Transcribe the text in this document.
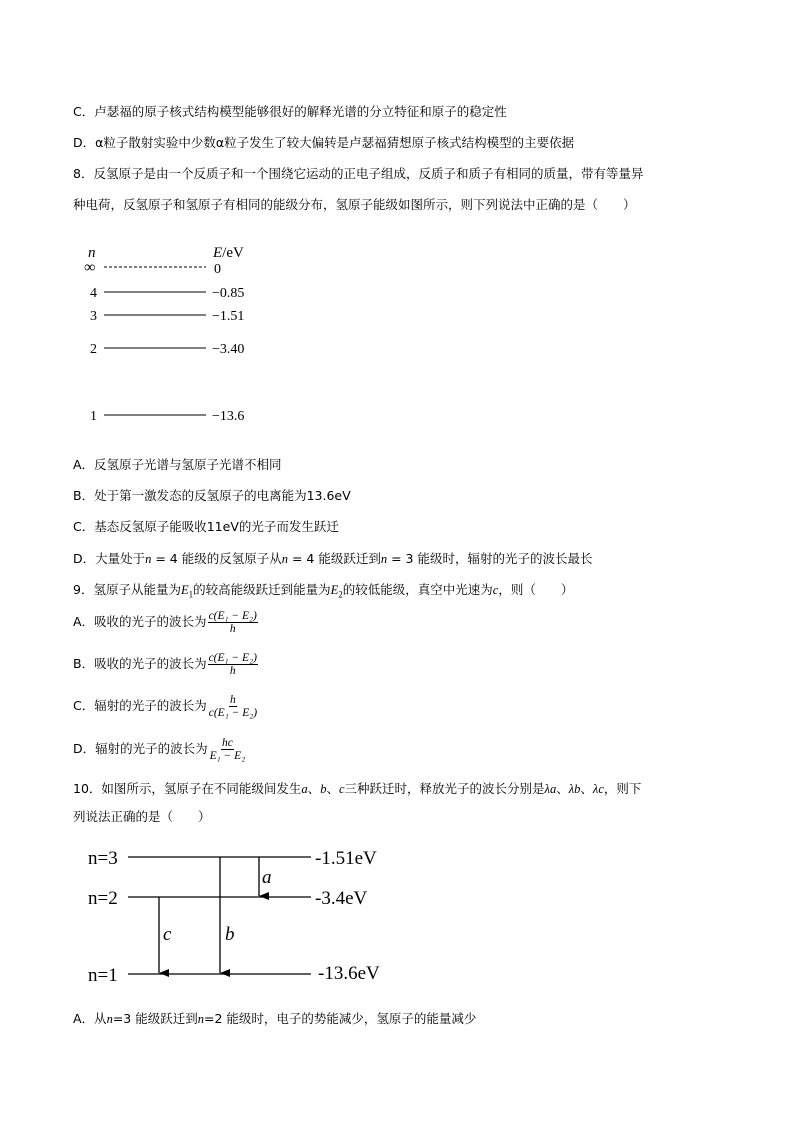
C．卢瑟福的原子核式结构模型能够很好的解释光谱的分立特征和原子的稳定性
D．α粒子散射实验中少数α粒子发生了较大偏转是卢瑟福猜想原子核式结构模型的主要依据
8．反氢原子是由一个反质子和一个围绕它运动的正电子组成，反质子和质子有相同的质量，带有等量异
种电荷，反氢原子和氢原子有相同的能级分布，氢原子能级如图所示，则下列说法中正确的是（　　）
n	E/eV
∞	0
4	−0.85
3	−1.51
2	−3.40
1	−13.6
A．反氢原子光谱与氢原子光谱不相同
B．处于第一激发态的反氢原子的电离能为13.6eV
C．基态反氢原子能吸收11eV的光子而发生跃迁
D．大量处于n = 4 能级的反氢原子从n = 4 能级跃迁到n = 3 能级时，辐射的光子的波长最长
9．氢原子从能量为$E_1$的较高能级跃迁到能量为$E_2$的较低能级，真空中光速为c，则（　　）
A．吸收的光子的波长为 $\frac{\text{c(E₁ − E₂)}}{h}$
B．吸收的光子的波长为 $\frac{\text{c(E₁ − E₂)}}{h}$
C．辐射的光子的波长为 $\frac{h}{\text{c(E₁ − E₂)}}$
D．辐射的光子的波长为 $\frac{hc}{\text{E₁ − E₂}}$
10．如图所示，氢原子在不同能级间发生a、b、c三种跃迁时，释放光子的波长分别是λa、λb、λc，则下
列说法正确的是（　　）
n=3	-1.51eV
n=2	-3.4eV
n=1	-13.6eV
a
b
c
A．从n=3 能级跃迁到n=2 能级时，电子的势能减少，氢原子的能量减少
